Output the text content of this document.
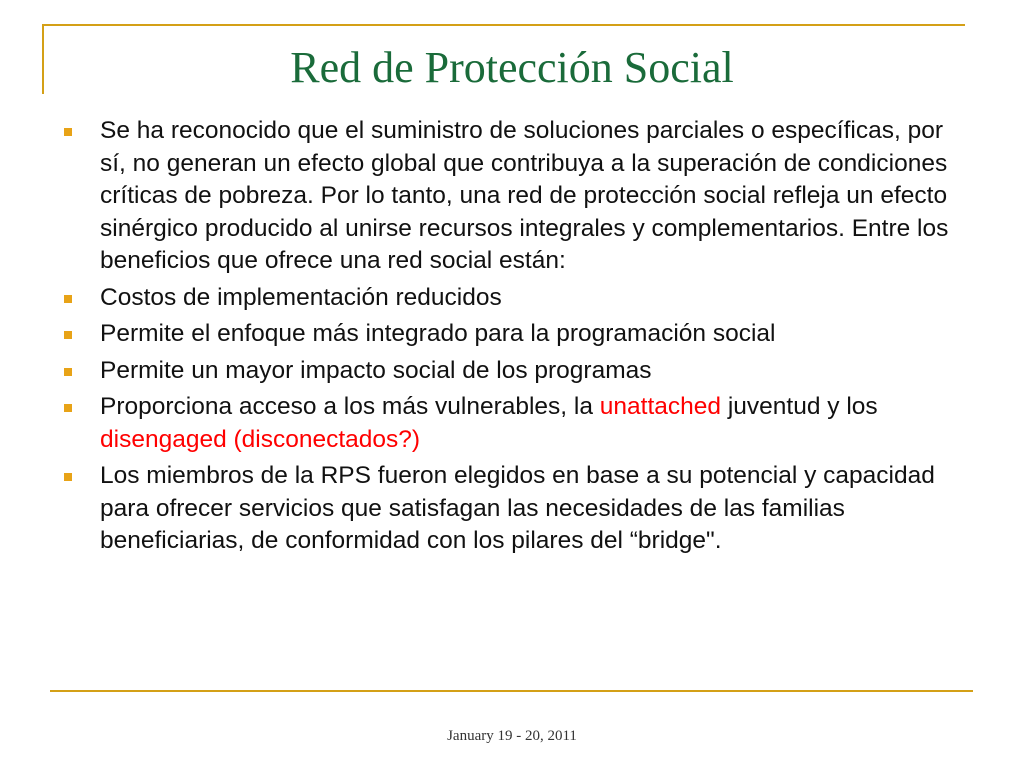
Red de Protección Social
Se ha reconocido que el suministro de soluciones parciales o específicas, por sí, no generan un efecto global que contribuya a la superación de condiciones críticas de pobreza. Por lo tanto, una red de protección social refleja un efecto sinérgico producido al unirse recursos integrales y complementarios. Entre los beneficios que ofrece una red social están:
Costos de implementación reducidos
Permite el enfoque más integrado para la programación social
Permite un mayor impacto social de los programas
Proporciona acceso a los más vulnerables, la unattached juventud y los disengaged (disconectados?)
Los miembros de la RPS fueron elegidos en base a su potencial y capacidad para ofrecer servicios que satisfagan las necesidades de las familias beneficiarias, de conformidad con los pilares del “bridge".
January 19 - 20, 2011
